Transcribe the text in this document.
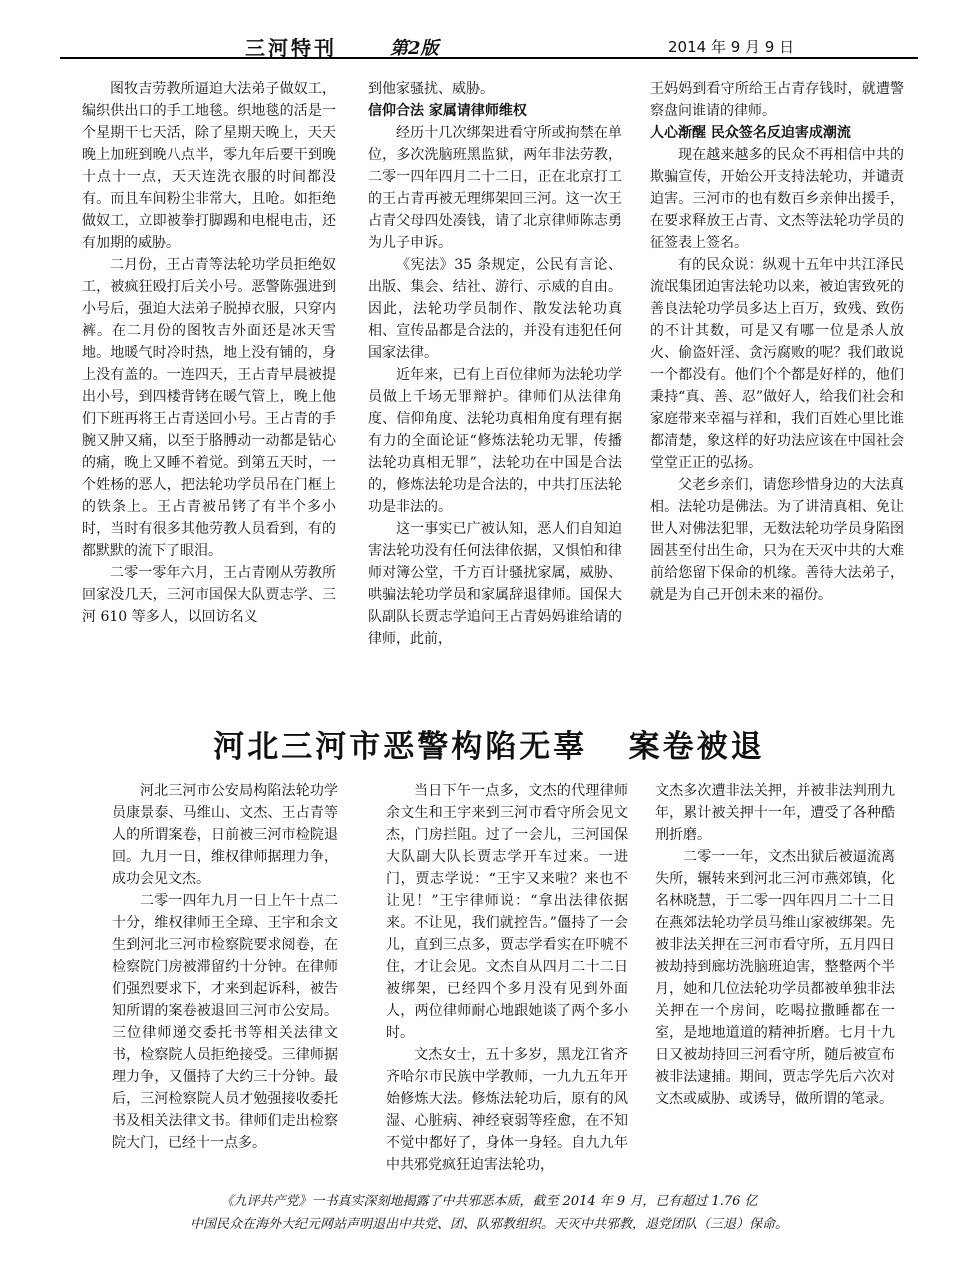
三河特刊	第2版	2014 年 9 月 9 日

图牧吉劳教所逼迫大法弟子做奴工，编织供出口的手工地毯。织地毯的活是一个星期干七天活，除了星期天晚上，天天晚上加班到晚八点半，零九年后要干到晚十点十一点，天天连洗衣服的时间都没有。而且车间粉尘非常大，且呛。如拒绝做奴工，立即被拳打脚踢和电棍电击，还有加期的威胁。

二月份，王占青等法轮功学员拒绝奴工，被疯狂殴打后关小号。恶警陈强进到小号后，强迫大法弟子脱掉衣服，只穿内裤。在二月份的图牧吉外面还是冰天雪地。地暖气时冷时热，地上没有铺的，身上没有盖的。一连四天，王占青早晨被提出小号，到四楼背铐在暖气管上，晚上他们下班再将王占青送回小号。王占青的手腕又肿又痛，以至于胳膊动一动都是钻心的痛，晚上又睡不着觉。到第五天时，一个姓杨的恶人，把法轮功学员吊在门框上的铁条上。王占青被吊铐了有半个多小时，当时有很多其他劳教人员看到，有的都默默的流下了眼泪。

二零一零年六月，王占青刚从劳教所回家没几天，三河市国保大队贾志学、三河 610 等多人，以回访名义

到他家骚扰、威胁。

信仰合法 家属请律师维权

经历十几次绑架进看守所或拘禁在单位，多次洗脑班黑监狱，两年非法劳教，二零一四年四月二十二日，正在北京打工的王占青再被无理绑架回三河。这一次王占青父母四处凑钱，请了北京律师陈志勇为儿子申诉。

《宪法》35 条规定，公民有言论、出版、集会、结社、游行、示威的自由。因此，法轮功学员制作、散发法轮功真相、宣传品都是合法的，并没有违犯任何国家法律。

近年来，已有上百位律师为法轮功学员做上千场无罪辩护。律师们从法律角度、信仰角度、法轮功真相角度有理有据有力的全面论证“修炼法轮功无罪，传播法轮功真相无罪”，法轮功在中国是合法的，修炼法轮功是合法的，中共打压法轮功是非法的。

这一事实已广被认知，恶人们自知迫害法轮功没有任何法律依据，又惧怕和律师对簿公堂，千方百计骚扰家属，威胁、哄骗法轮功学员和家属辞退律师。国保大队副队长贾志学追问王占青妈妈谁给请的律师，此前，

王妈妈到看守所给王占青存钱时，就遭警察盘问谁请的律师。

人心渐醒 民众签名反迫害成潮流

现在越来越多的民众不再相信中共的欺骗宣传，开始公开支持法轮功，并谴责迫害。三河市的也有数百乡亲伸出援手，在要求释放王占青、文杰等法轮功学员的征签表上签名。

有的民众说：纵观十五年中共江泽民流氓集团迫害法轮功以来，被迫害致死的善良法轮功学员多达上百万，致残、致伤的不计其数，可是又有哪一位是杀人放火、偷盗奸淫、贪污腐败的呢？我们敢说一个都没有。他们个个都是好样的，他们秉持“真、善、忍”做好人，给我们社会和家庭带来幸福与祥和，我们百姓心里比谁都清楚，象这样的好功法应该在中国社会堂堂正正的弘扬。

父老乡亲们，请您珍惜身边的大法真相。法轮功是佛法。为了讲清真相、免让世人对佛法犯罪，无数法轮功学员身陷囹圄甚至付出生命，只为在天灭中共的大难前给您留下保命的机缘。善待大法弟子，就是为自己开创未来的福份。

河北三河市恶警构陷无辜   案卷被退

河北三河市公安局构陷法轮功学员康景泰、马维山、文杰、王占青等人的所谓案卷，日前被三河市检院退回。九月一日，维权律师据理力争，成功会见文杰。

二零一四年九月一日上午十点二十分，维权律师王全璋、王宇和余文生到河北三河市检察院要求阅卷，在检察院门房被滞留约十分钟。在律师们强烈要求下，才来到起诉科，被告知所谓的案卷被退回三河市公安局。三位律师递交委托书等相关法律文书，检察院人员拒绝接受。三律师据理力争，又僵持了大约三十分钟。最后，三河检察院人员才勉强接收委托书及相关法律文书。律师们走出检察院大门，已经十一点多。

当日下午一点多，文杰的代理律师余文生和王宇来到三河市看守所会见文杰，门房拦阻。过了一会儿，三河国保大队副大队长贾志学开车过来。一进门，贾志学说：“王宇又来啦？来也不让见！”王宇律师说：“拿出法律依据来。不让见，我们就控告。”僵持了一会儿，直到三点多，贾志学看实在吓唬不住，才让会见。文杰自从四月二十二日被绑架，已经四个多月没有见到外面人，两位律师耐心地跟她谈了两个多小时。

文杰女士，五十多岁，黑龙江省齐齐哈尔市民族中学教师，一九九五年开始修炼大法。修炼法轮功后，原有的风湿、心脏病、神经衰弱等痊愈，在不知不觉中都好了，身体一身轻。自九九年中共邪党疯狂迫害法轮功，

文杰多次遭非法关押，并被非法判刑九年，累计被关押十一年，遭受了各种酷刑折磨。

二零一一年，文杰出狱后被逼流离失所，辗转来到河北三河市燕郊镇，化名林晓慧，于二零一四年四月二十二日在燕郊法轮功学员马维山家被绑架。先被非法关押在三河市看守所，五月四日被劫持到廊坊洗脑班迫害，整整两个半月，她和几位法轮功学员都被单独非法关押在一个房间，吃喝拉撒睡都在一室，是地地道道的精神折磨。七月十九日又被劫持回三河看守所，随后被宣布被非法逮捕。期间，贾志学先后六次对文杰或威胁、或诱导，做所谓的笔录。

《九评共产党》一书真实深刻地揭露了中共邪恶本质，截至 2014 年 9 月，已有超过 1.76 亿
中国民众在海外大纪元网站声明退出中共党、团、队邪教组织。天灭中共邪教，退党团队（三退）保命。
